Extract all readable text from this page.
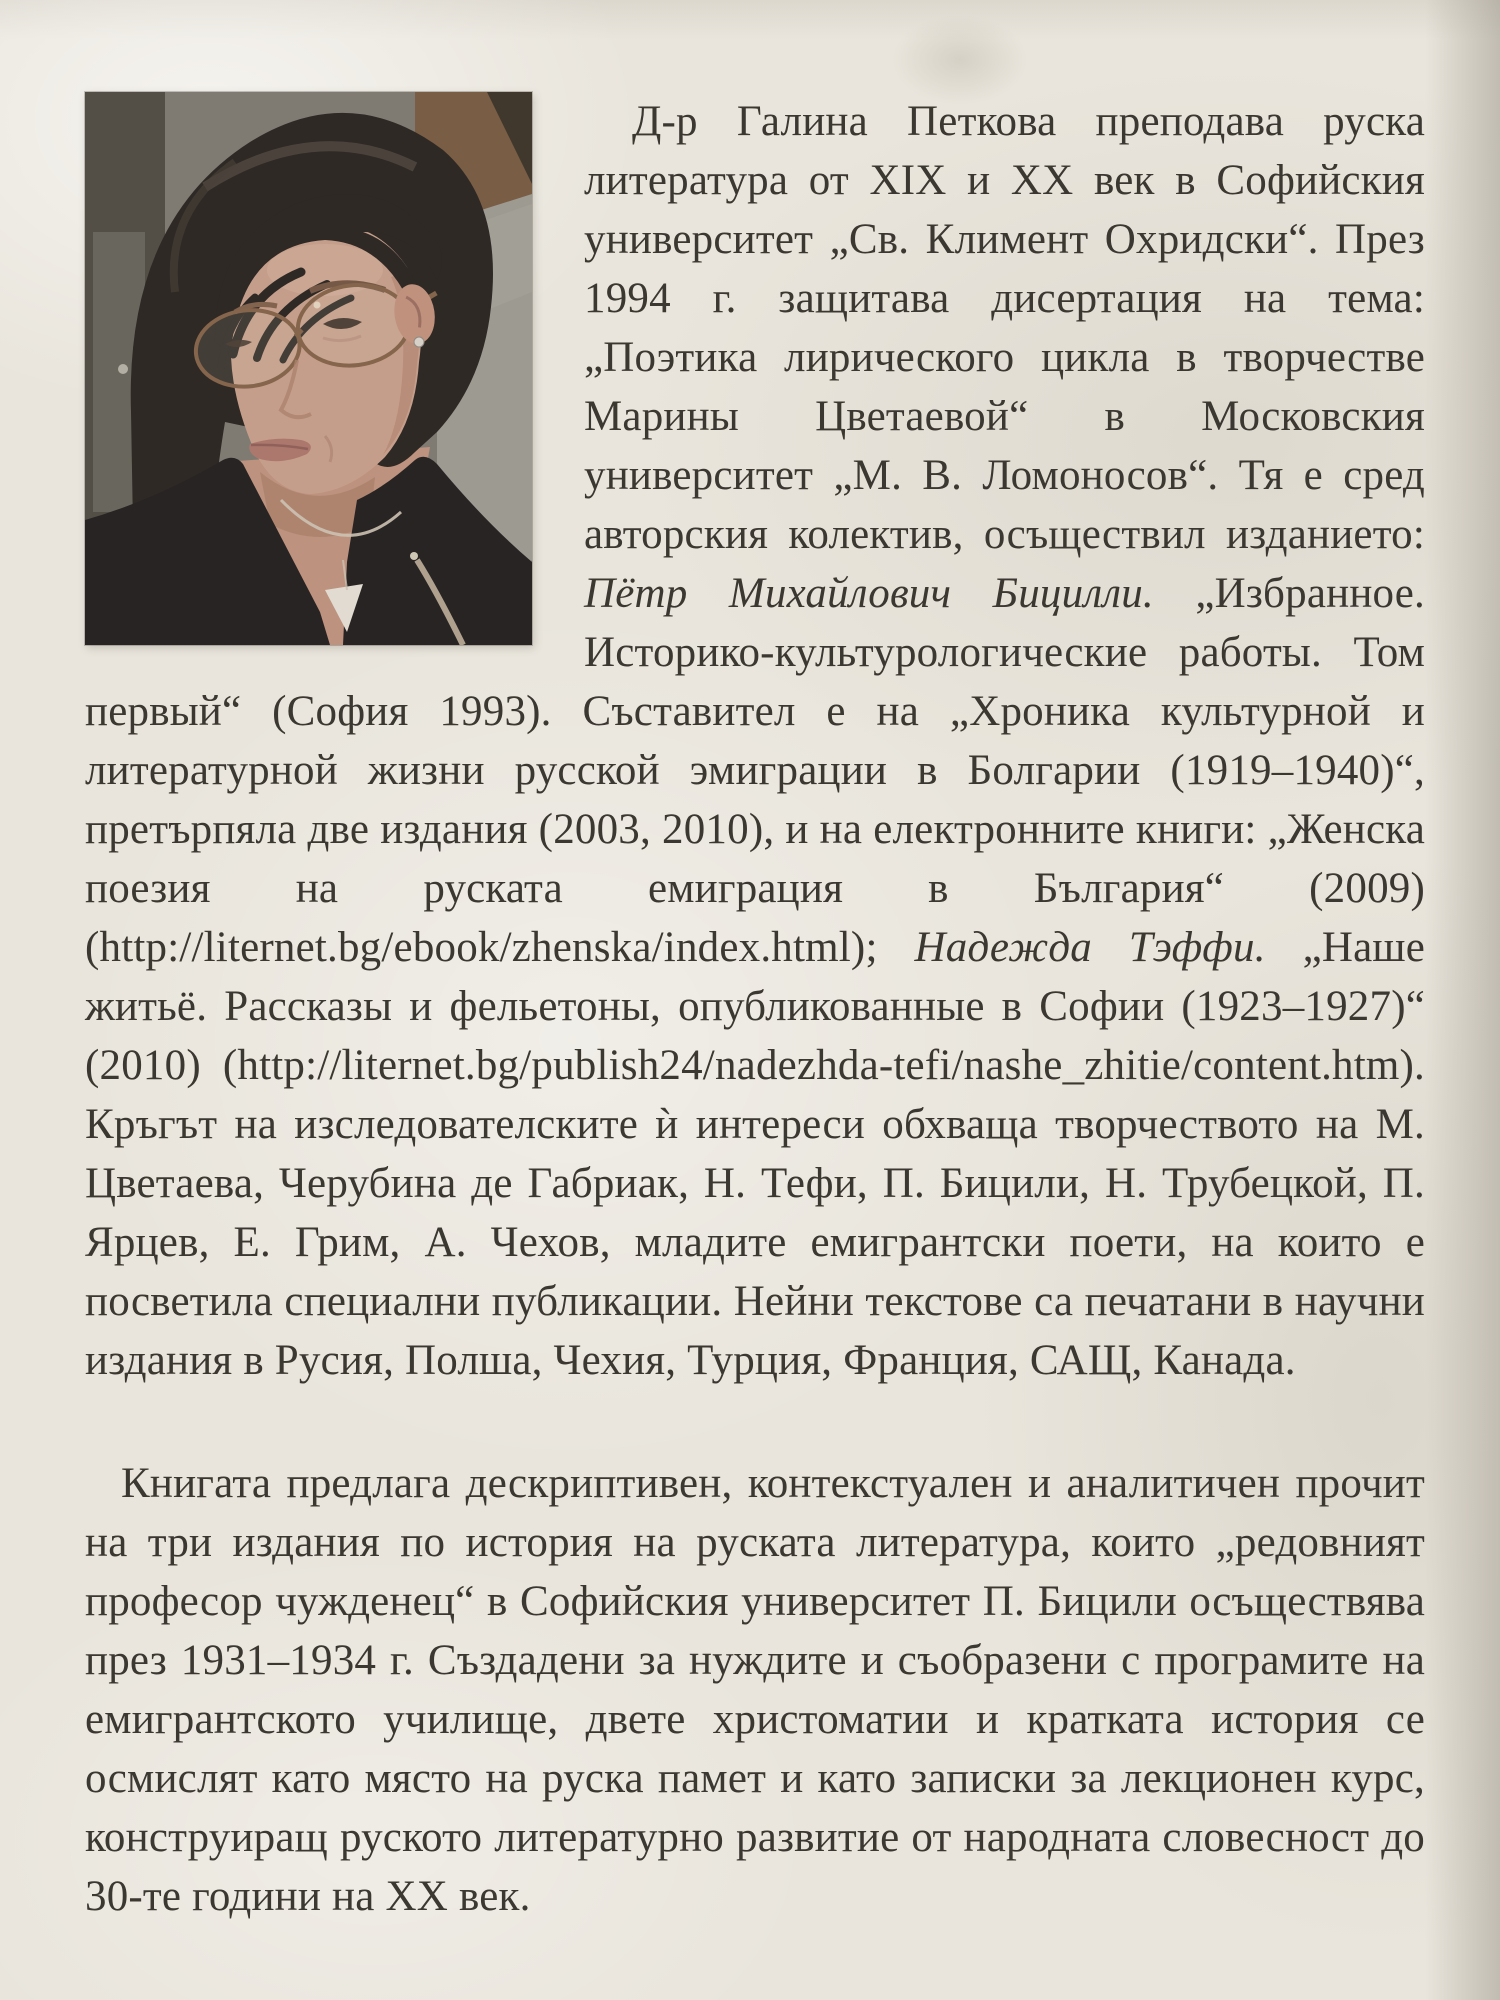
Д-р Галина Петкова преподава руска литература от XIX и XX век в Софийския университет „Св. Климент Охридски“. През 1994 г. защитава дисертация на тема: „Поэтика лирического цикла в творчестве Марины Цветаевой“ в Московския университет „М. В. Ломоносов“. Тя е сред авторския колектив, осъществил изданието: Пётр Михайлович Бицилли. „Избранное. Историко-культурологические работы. Том первый“ (София 1993). Съставител е на „Хроника культурной и литературной жизни русской эмиграции в Болгарии (1919–1940)“, претърпяла две издания (2003, 2010), и на електронните книги: „Женска поезия на руската емиграция в България“ (2009) (http://liternet.bg/ebook/zhenska/index.html); Надежда Тэффи. „Наше житьё. Рассказы и фельетоны, опубликованные в Софии (1923–1927)“ (2010) (http://liternet.bg/publish24/nadezhda-tefi/nashe_zhitie/content.htm). Кръгът на изследователските ѝ интереси обхваща творчеството на М. Цветаева, Черубина де Габриак, Н. Тефи, П. Бицили, Н. Трубецкой, П. Ярцев, Е. Грим, А. Чехов, младите емигрантски поети, на които е посветила специални публикации. Нейни текстове са печатани в научни издания в Русия, Полша, Чехия, Турция, Франция, САЩ, Канада.

Книгата предлага дескриптивен, контекстуален и аналитичен прочит на три издания по история на руската литература, които „редовният професор чужденец“ в Софийския университет П. Бицили осъществява през 1931–1934 г. Създадени за нуждите и съобразени с програмите на емигрантското училище, двете христоматии и кратката история се осмислят като място на руска памет и като записки за лекционен курс, конструиращ руското литературно развитие от народната словесност до 30-те години на XX век.
